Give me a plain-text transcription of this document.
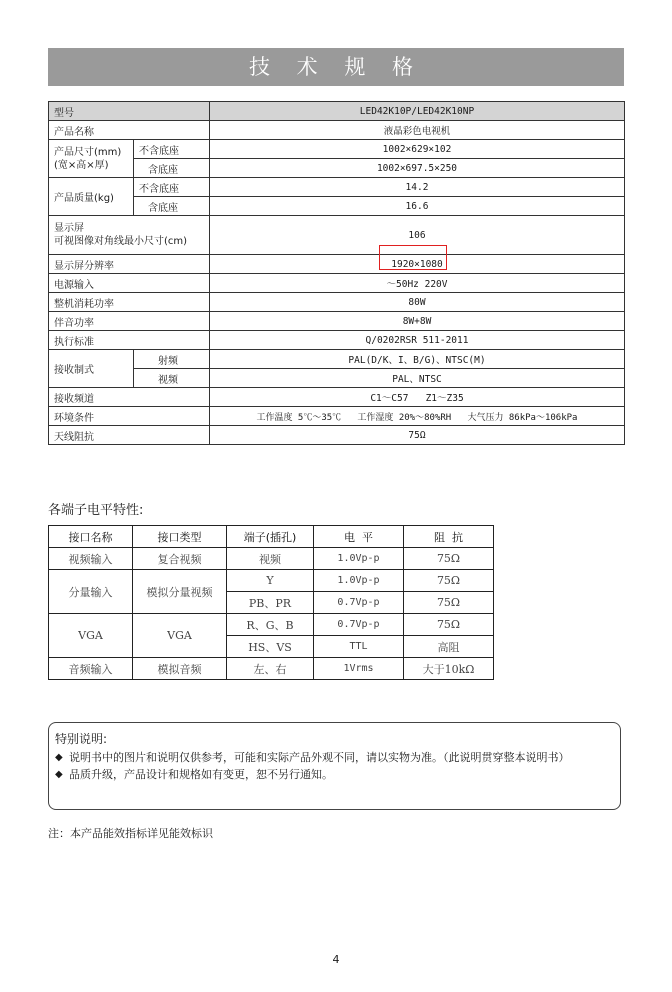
技 术 规 格
型号		LED42K10P/LED42K10NP
产品名称		液晶彩色电视机

产品尺寸(mm)
(宽×高×厚)	不含底座	1002×629×102
	含底座	1002×697.5×250
产品质量(kg)	不含底座	14.2
	含底座	16.6

显示屏
可视图像对角线最小尺寸(cm)		106
显示屏分辨率		1920×1080
电源输入		～50Hz 220V
整机消耗功率		80W
伴音功率		8W+8W
执行标准		Q/0202RSR 511-2011
接收制式	射频	PAL(D/K、I、B/G)、NTSC(M)
	视频	PAL、NTSC
接收频道		C1～C57   Z1～Z35
环境条件		工作温度 5℃～35℃   工作湿度 20%～80%RH   大气压力 86kPa～106kPa
天线阻抗		75Ω
各端子电平特性:
接口名称	接口类型	端子(插孔)	电  平	阻  抗
视频输入	复合视频	视频	1.0Vp-p	75Ω
分量输入	模拟分量视频	Y	1.0Vp-p	75Ω
		PB、PR	0.7Vp-p	75Ω
VGA	VGA	R、G、B	0.7Vp-p	75Ω
		HS、VS	TTL	高阻
音频输入	模拟音频	左、右	1Vrms	大于10kΩ
特别说明:
◆ 说明书中的图片和说明仅供参考，可能和实际产品外观不同，请以实物为准。（此说明贯穿整本说明书）
◆ 品质升级，产品设计和规格如有变更，恕不另行通知。
注：本产品能效指标详见能效标识
4
